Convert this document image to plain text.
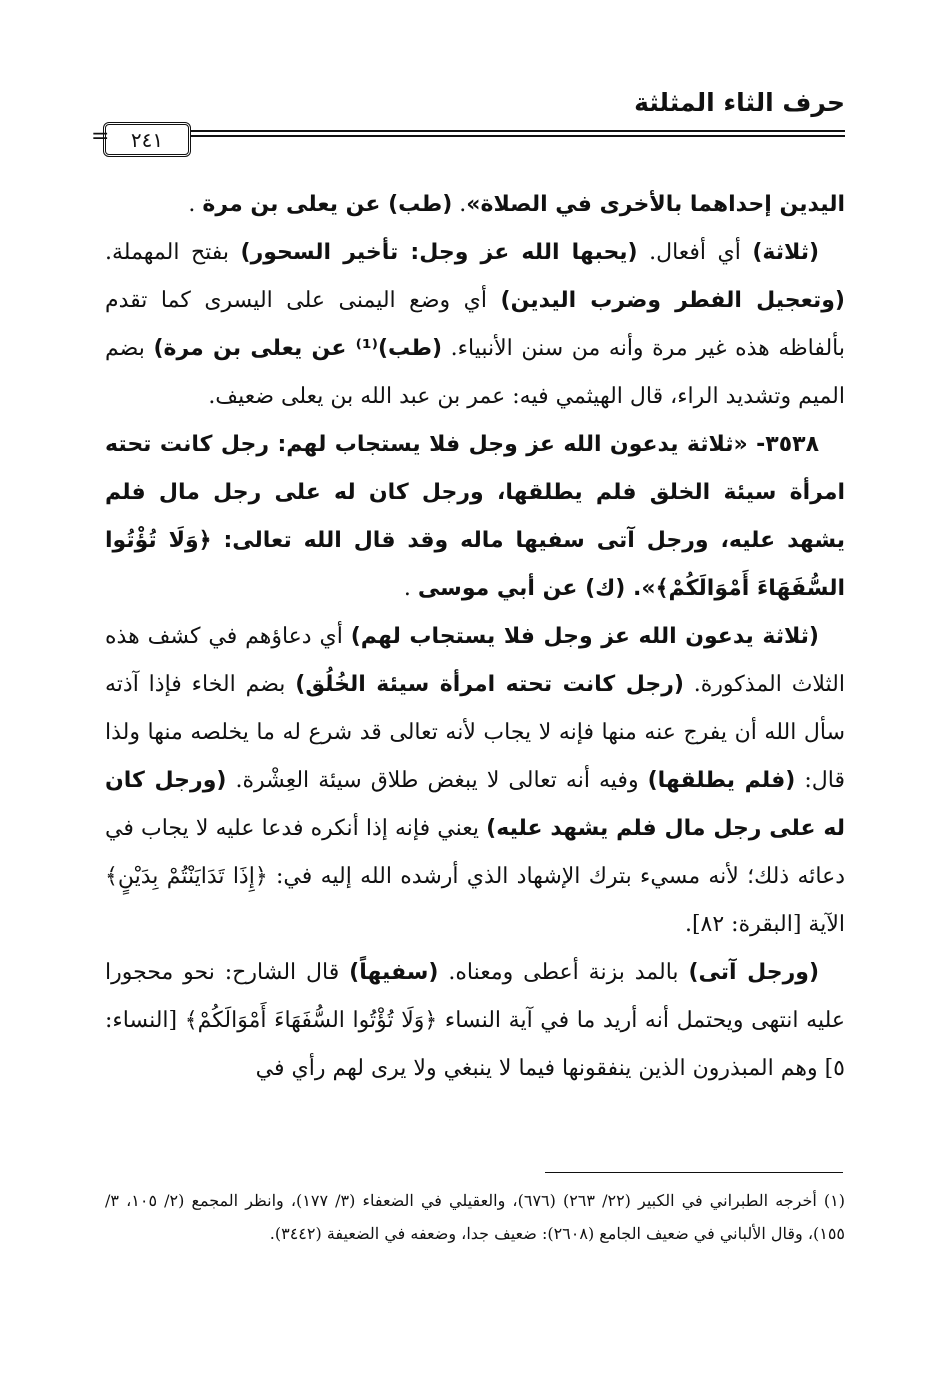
حرف الثاء المثلثة
=	٢٤١

اليدين إحداهما بالأخرى في الصلاة». (طب) عن يعلى بن مرة .

(ثلاثة) أي أفعال. (يحبها الله عز وجل: تأخير السحور) بفتح المهملة. (وتعجيل الفطر وضرب اليدين) أي وضع اليمنى على اليسرى كما تقدم بألفاظه هذه غير مرة وأنه من سنن الأنبياء. (طب)⁽¹⁾ عن يعلى بن مرة) بضم الميم وتشديد الراء، قال الهيثمي فيه: عمر بن عبد الله بن يعلى ضعيف.

٣٥٣٨- «ثلاثة يدعون الله عز وجل فلا يستجاب لهم: رجل كانت تحته امرأة سيئة الخلق فلم يطلقها، ورجل كان له على رجل مال فلم يشهد عليه، ورجل آتى سفيها ماله وقد قال الله تعالى: ﴿وَلَا تُؤْتُوا السُّفَهَاءَ أَمْوَالَكُمْ﴾». (ك) عن أبي موسى .

(ثلاثة يدعون الله عز وجل فلا يستجاب لهم) أي دعاؤهم في كشف هذه الثلاث المذكورة. (رجل كانت تحته امرأة سيئة الخُلُق) بضم الخاء فإذا آذته سأل الله أن يفرج عنه منها فإنه لا يجاب لأنه تعالى قد شرع له ما يخلصه منها ولذا قال: (فلم يطلقها) وفيه أنه تعالى لا يبغض طلاق سيئة العِشْرة. (ورجل كان له على رجل مال فلم يشهد عليه) يعني فإنه إذا أنكره فدعا عليه لا يجاب في دعائه ذلك؛ لأنه مسيء بترك الإشهاد الذي أرشده الله إليه في: ﴿إِذَا تَدَايَنْتُمْ بِدَيْنٍ﴾ الآية [البقرة: ٨٢].

(ورجل آتى) بالمد بزنة أعطى ومعناه. (سفيهاً) قال الشارح: نحو محجورا عليه انتهى ويحتمل أنه أريد ما في آية النساء ﴿وَلَا تُؤْتُوا السُّفَهَاءَ أَمْوَالَكُمْ﴾ [النساء: ٥] وهم المبذرون الذين ينفقونها فيما لا ينبغي ولا يرى لهم رأي في

(١) أخرجه الطبراني في الكبير (٢٢/ ٢٦٣) (٦٧٦)، والعقيلي في الضعفاء (٣/ ١٧٧)، وانظر المجمع (٢/ ١٠٥، ٣/ ١٥٥)، وقال الألباني في ضعيف الجامع (٢٦٠٨): ضعيف جدا، وضعفه في الضعيفة (٣٤٤٢).
